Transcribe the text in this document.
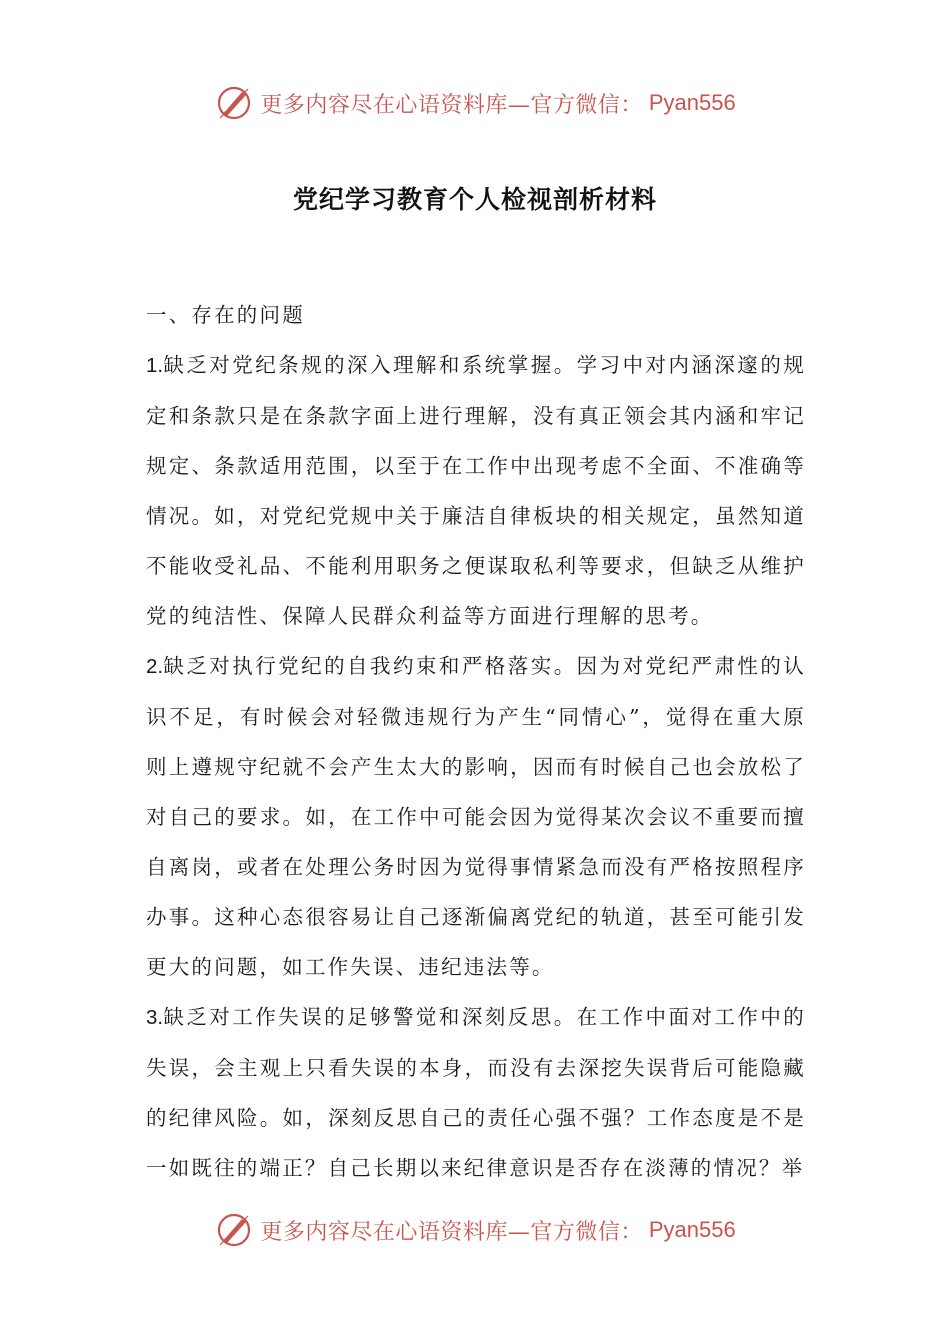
更多内容尽在心语资料库—官方微信： Pyan556
党纪学习教育个人检视剖析材料

一、存在的问题

1.缺乏对党纪条规的深入理解和系统掌握。学习中对内涵深邃的规定和条款只是在条款字面上进行理解，没有真正领会其内涵和牢记规定、条款适用范围，以至于在工作中出现考虑不全面、不准确等情况。如，对党纪党规中关于廉洁自律板块的相关规定，虽然知道不能收受礼品、不能利用职务之便谋取私利等要求，但缺乏从维护党的纯洁性、保障人民群众利益等方面进行理解的思考。

2.缺乏对执行党纪的自我约束和严格落实。因为对党纪严肃性的认识不足，有时候会对轻微违规行为产生“同情心”，觉得在重大原则上遵规守纪就不会产生太大的影响，因而有时候自己也会放松了对自己的要求。如，在工作中可能会因为觉得某次会议不重要而擅自离岗，或者在处理公务时因为觉得事情紧急而没有严格按照程序办事。这种心态很容易让自己逐渐偏离党纪的轨道，甚至可能引发更大的问题，如工作失误、违纪违法等。

3.缺乏对工作失误的足够警觉和深刻反思。在工作中面对工作中的失误，会主观上只看失误的本身，而没有去深挖失误背后可能隐藏的纪律风险。如，深刻反思自己的责任心强不强？工作态度是不是一如既往的端正？自己长期以来纪律意识是否存在淡薄的情况？举

更多内容尽在心语资料库—官方微信： Pyan556
